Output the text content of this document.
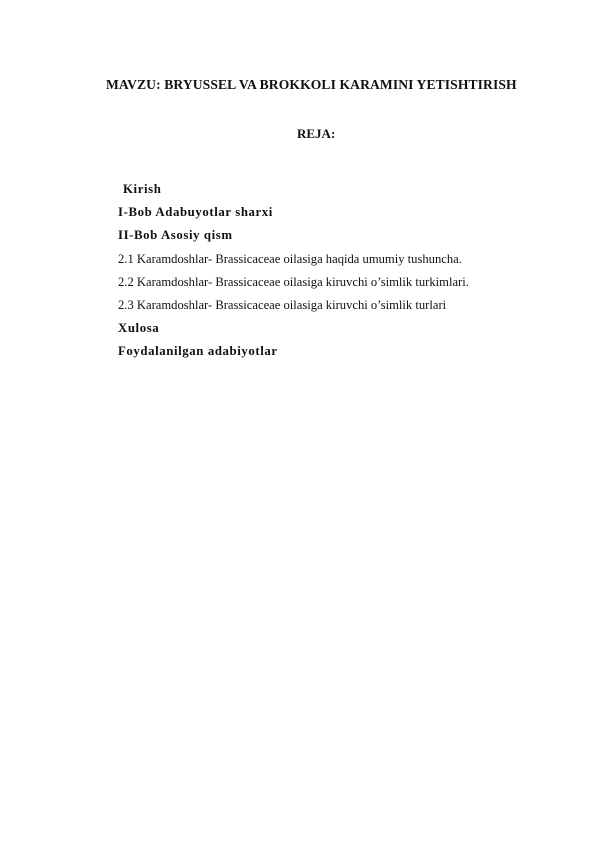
MAVZU: BRYUSSEL VA BROKKOLI KARAMINI YETISHTIRISH
REJA:
Kirish
I-Bob Adabuyotlar sharxi
II-Bob Asosiy qism
2.1 Karamdoshlar- Brassicaceae oilasiga haqida umumiy tushuncha.
2.2 Karamdoshlar- Brassicaceae oilasiga kiruvchi o’simlik turkimlari.
2.3 Karamdoshlar- Brassicaceae oilasiga kiruvchi o’simlik turlari
Xulosa
Foydalanilgan adabiyotlar
